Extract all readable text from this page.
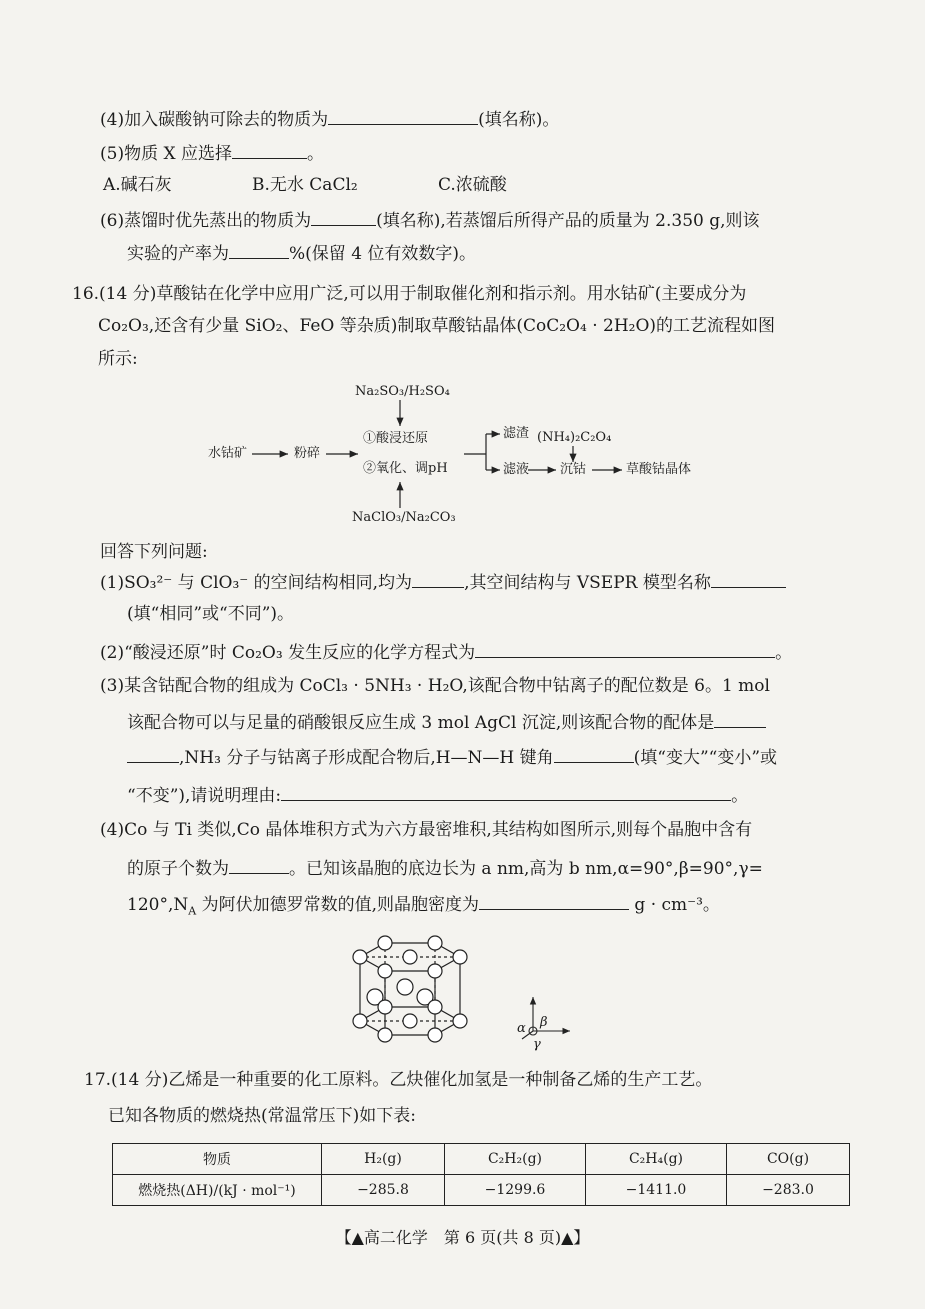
(4)加入碳酸钠可除去的物质为	(填名称)。
(5)物质 X 应选择	。
A.碱石灰	B.无水 CaCl₂	C.浓硫酸
(6)蒸馏时优先蒸出的物质为	(填名称),若蒸馏后所得产品的质量为 2.350 g,则该
实验的产率为	%(保留 4 位有效数字)。
16.(14 分)草酸钴在化学中应用广泛,可以用于制取催化剂和指示剂。用水钴矿(主要成分为
Co₂O₃,还含有少量 SiO₂、FeO 等杂质)制取草酸钴晶体(CoC₂O₄ · 2H₂O)的工艺流程如图
所示:
Na₂SO₃/H₂SO₄
水钴矿	粉碎
①酸浸还原
②氧化、调pH
NaClO₃/Na₂CO₃
滤渣
滤液
(NH₄)₂C₂O₄
沉钴	草酸钴晶体
回答下列问题:
(1)SO₃²⁻ 与 ClO₃⁻ 的空间结构相同,均为	,其空间结构与 VSEPR 模型名称
(填“相同”或“不同”)。
(2)“酸浸还原”时 Co₂O₃ 发生反应的化学方程式为	。
(3)某含钴配合物的组成为 CoCl₃ · 5NH₃ · H₂O,该配合物中钴离子的配位数是 6。1 mol
该配合物可以与足量的硝酸银反应生成 3 mol AgCl 沉淀,则该配合物的配体是
,NH₃ 分子与钴离子形成配合物后,H—N—H 键角	(填“变大”“变小”或
“不变”),请说明理由:	。
(4)Co 与 Ti 类似,Co 晶体堆积方式为六方最密堆积,其结构如图所示,则每个晶胞中含有
的原子个数为	。已知该晶胞的底边长为 a nm,高为 b nm,α=90°,β=90°,γ=
$120^\circ,N_A$ 为阿伏加德罗常数的值,则晶胞密度为	g · cm⁻³。
α β
γ
17.(14 分)乙烯是一种重要的化工原料。乙炔催化加氢是一种制备乙烯的生产工艺。
已知各物质的燃烧热(常温常压下)如下表:
物质	H₂(g)	C₂H₂(g)	C₂H₄(g)	CO(g)
燃烧热(ΔH)/(kJ · mol⁻¹)	−285.8	−1299.6	−1411.0	−283.0
【▲高二化学　第 6 页(共 8 页)▲】
